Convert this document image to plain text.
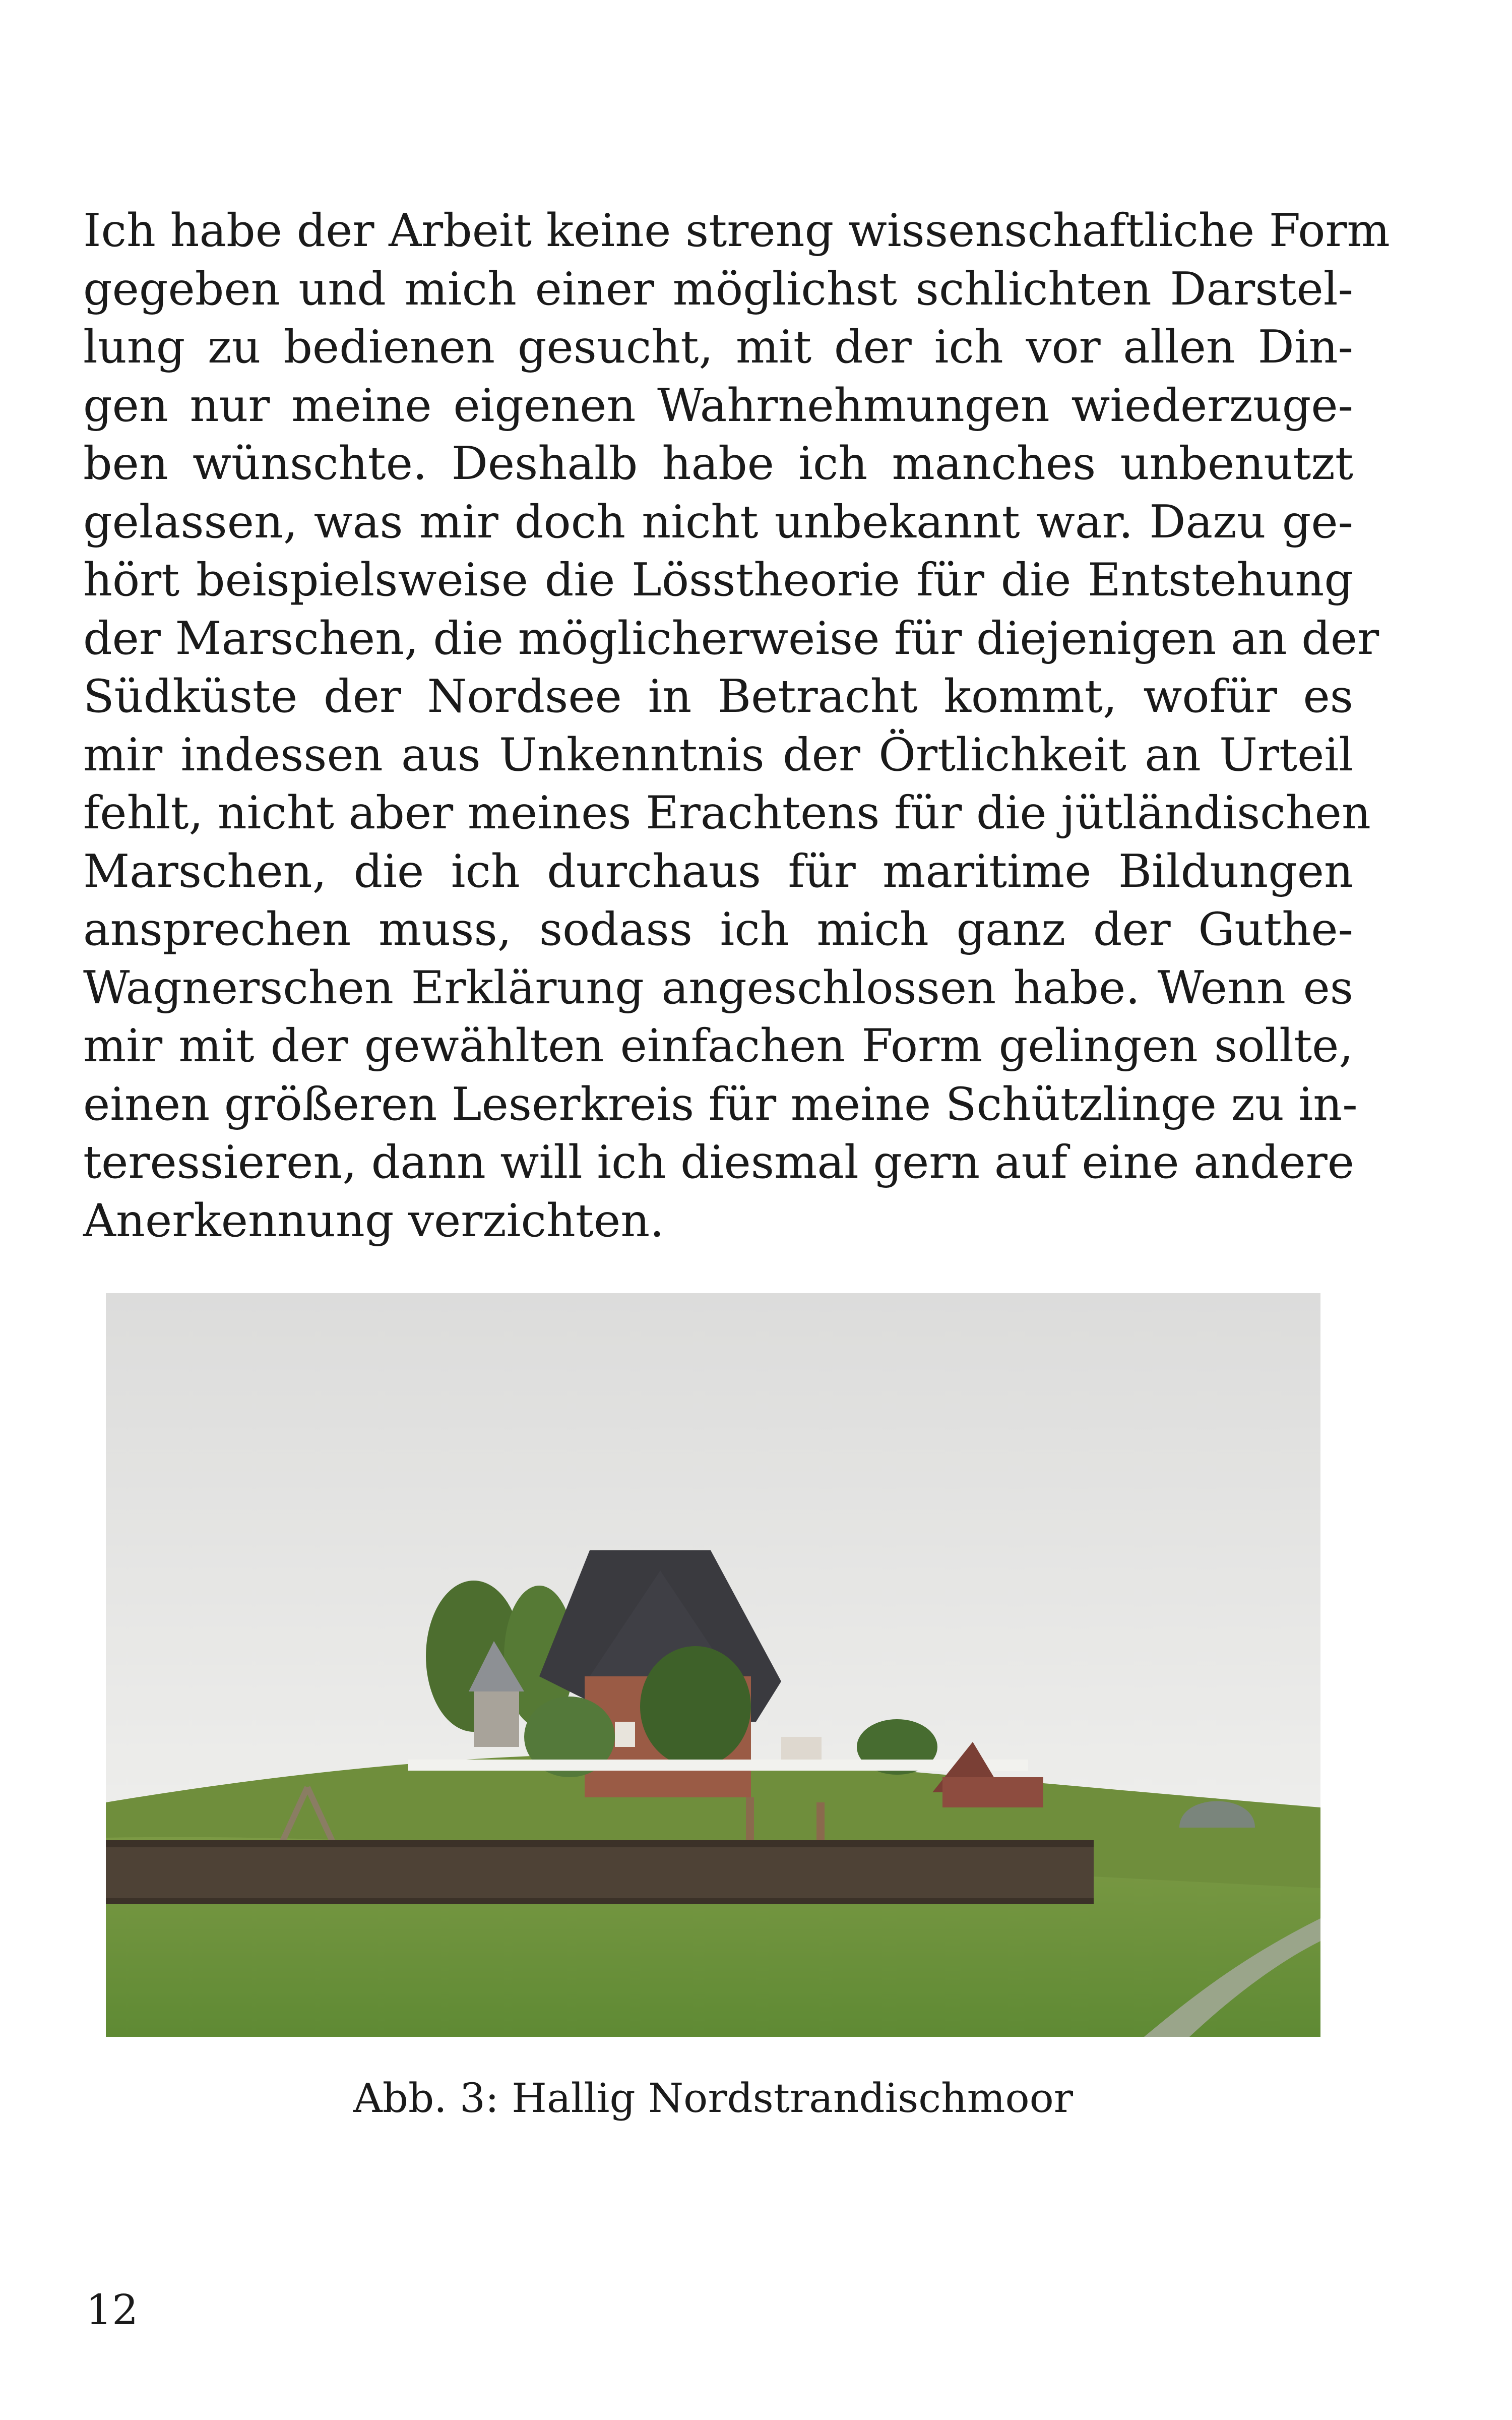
Ich habe der Arbeit keine streng wissenschaftliche Form
gegeben und mich einer möglichst schlichten Darstel-
lung zu bedienen gesucht, mit der ich vor allen Din-
gen nur meine eigenen Wahrnehmungen wiederzuge-
ben wünschte. Deshalb habe ich manches unbenutzt
gelassen, was mir doch nicht unbekannt war. Dazu ge-
hört beispielsweise die Lösstheorie für die Entstehung
der Marschen, die möglicherweise für diejenigen an der
Südküste der Nordsee in Betracht kommt, wofür es
mir indessen aus Unkenntnis der Örtlichkeit an Urteil
fehlt, nicht aber meines Erachtens für die jütländischen
Marschen, die ich durchaus für maritime Bildungen
ansprechen muss, sodass ich mich ganz der Guthe-
Wagnerschen Erklärung angeschlossen habe. Wenn es
mir mit der gewählten einfachen Form gelingen sollte,
einen größeren Leserkreis für meine Schützlinge zu in-
teressieren, dann will ich diesmal gern auf eine andere
Anerkennung verzichten.
Abb. 3: Hallig Nordstrandischmoor
12
